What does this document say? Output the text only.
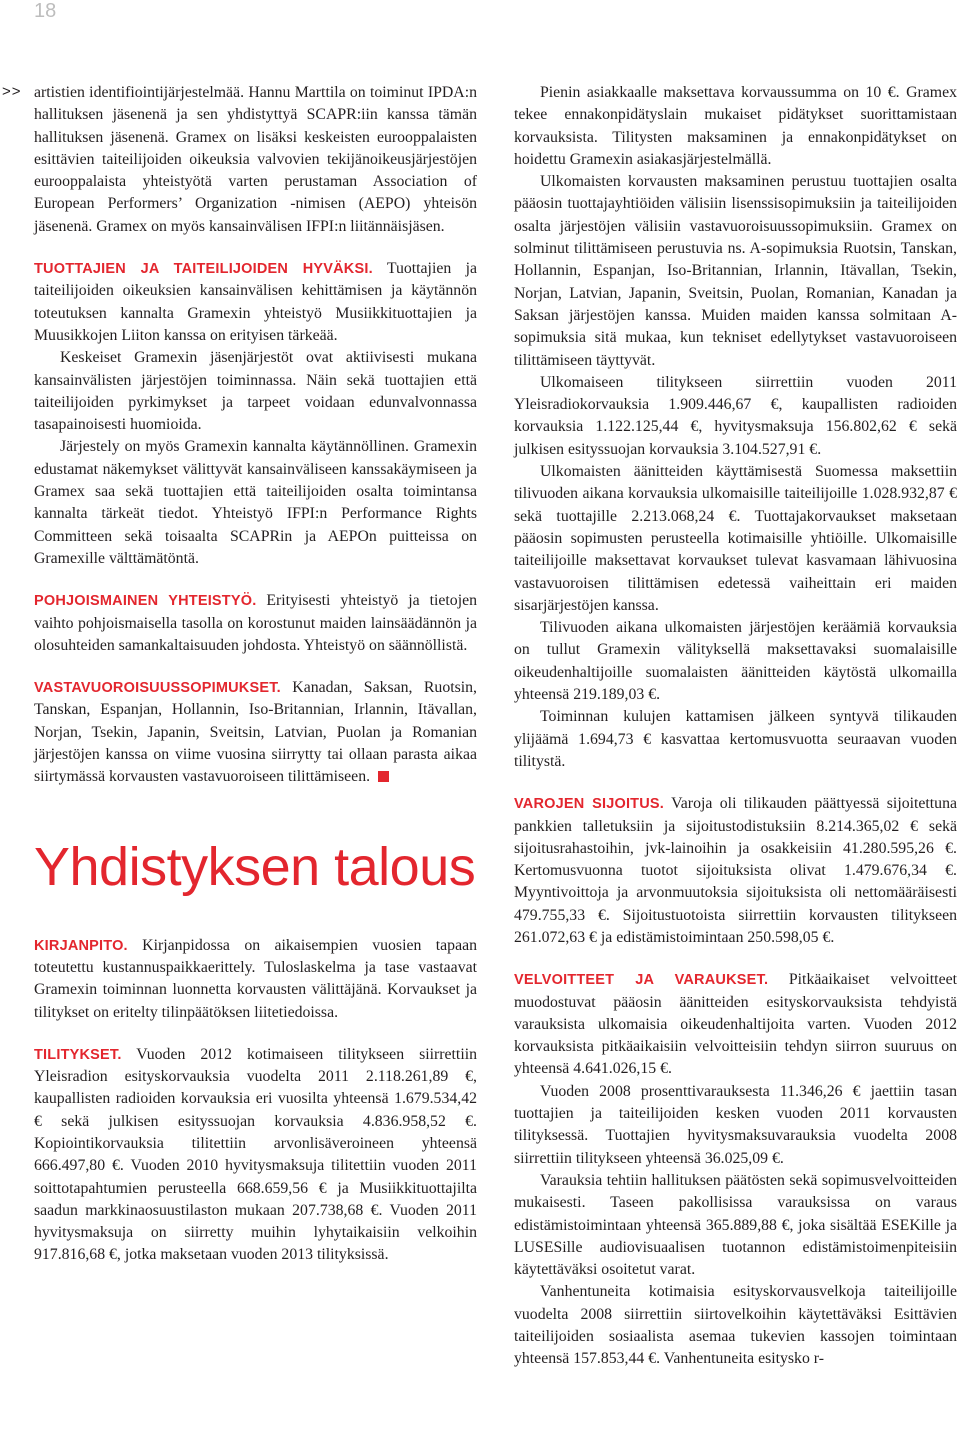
18
>> artistien identifiointijärjestelmää. Hannu Marttila on toiminut IPDA:n hallituksen jäsenenä ja sen yhdistyttyä SCAPR:iin kanssa tämän hallituksen jäsenenä. Gramex on lisäksi keskeisten eurooppalaisten esittävien taiteilijoiden oikeuksia valvovien tekijänoikeusjärjestöjen eurooppalaista yhteistyötä varten perustaman Association of European Performers’ Organization -nimisen (AEPO) yhteisön jäsenenä. Gramex on myös kansainvälisen IFPI:n liitännäisjäsen.

TUOTTAJIEN JA TAITEILIJOIDEN HYVÄKSI. Tuottajien ja taiteilijoiden oikeuksien kansainvälisen kehittämisen ja käytännön toteutuksen kannalta Gramexin yhteistyö Musiikkituottajien ja Muusikkojen Liiton kanssa on erityisen tärkeää.

Keskeiset Gramexin jäsenjärjestöt ovat aktiivisesti mukana kansainvälisten järjestöjen toiminnassa. Näin sekä tuottajien että taiteilijoiden pyrkimykset ja tarpeet voidaan edunvalvonnassa tasapainoisesti huomioida.

Järjestely on myös Gramexin kannalta käytännöllinen. Gramexin edustamat näkemykset välittyvät kansainväliseen kanssakäymiseen ja Gramex saa sekä tuottajien että taiteilijoiden osalta toimintansa kannalta tärkeät tiedot. Yhteistyö IFPI:n Performance Rights Committeen sekä toisaalta SCAPRin ja AEPOn puitteissa on Gramexille välttämätöntä.

POHJOISMAINEN YHTEISTYÖ. Erityisesti yhteistyö ja tietojen vaihto pohjoismaisella tasolla on korostunut maiden lainsäädännön ja olosuhteiden samankaltaisuuden johdosta. Yhteistyö on säännöllistä.

VASTAVUOROISUUSSOPIMUKSET. Kanadan, Saksan, Ruotsin, Tanskan, Espanjan, Hollannin, Iso-Britannian, Irlannin, Itävallan, Norjan, Tsekin, Japanin, Sveitsin, Latvian, Puolan ja Romanian järjestöjen kanssa on viime vuosina siirrytty tai ollaan parasta aikaa siirtymässä korvausten vastavuoroiseen tilittämiseen.

Yhdistyksen talous

KIRJANPITO. Kirjanpidossa on aikaisempien vuosien tapaan toteutettu kustannuspaikkaerittely. Tuloslaskelma ja tase vastaavat Gramexin toiminnan luonnetta korvausten välittäjänä. Korvaukset ja tilitykset on eritelty tilinpäätöksen liitetiedoissa.

TILITYKSET. Vuoden 2012 kotimaiseen tilitykseen siirrettiin Yleisradion esityskorvauksia vuodelta 2011 2.118.261,89 €, kaupallisten radioiden korvauksia eri vuosilta yhteensä 1.679.534,42 € sekä julkisen esityssuojan korvauksia 4.836.958,52 €. Kopiointikorvauksia tilitettiin arvonlisäveroineen yhteensä 666.497,80 €. Vuoden 2010 hyvitysmaksuja tilitettiin vuoden 2011 soittotapahtumien perusteella 668.659,56 € ja Musiikkituottajilta saadun markkinaosuustilaston mukaan 207.738,68 €. Vuoden 2011 hyvitysmaksuja on siirretty muihin lyhytaikaisiin velkoihin 917.816,68 €, jotka maksetaan vuoden 2013 tilityksissä.

Pienin asiakkaalle maksettava korvaussumma on 10 €. Gramex tekee ennakonpidätyslain mukaiset pidätykset suorittamistaan korvauksista. Tilitysten maksaminen ja ennakonpidätykset on hoidettu Gramexin asiakasjärjestelmällä.

Ulkomaisten korvausten maksaminen perustuu tuottajien osalta pääosin tuottajayhtiöiden välisiin lisenssisopimuksiin ja taiteilijoiden osalta järjestöjen välisiin vastavuoroisuussopimuksiin. Gramex on solminut tilittämiseen perustuvia ns. A-sopimuksia Ruotsin, Tanskan, Hollannin, Espanjan, Iso-Britannian, Irlannin, Itävallan, Tsekin, Norjan, Latvian, Japanin, Sveitsin, Puolan, Romanian, Kanadan ja Saksan järjestöjen kanssa. Muiden maiden kanssa solmitaan A-sopimuksia sitä mukaa, kun tekniset edellytykset vastavuoroiseen tilittämiseen täyttyvät.

Ulkomaiseen tilitykseen siirrettiin vuoden 2011 Yleisradiokorvauksia 1.909.446,67 €, kaupallisten radioiden korvauksia 1.122.125,44 €, hyvitysmaksuja 156.802,62 € sekä julkisen esityssuojan korvauksia 3.104.527,91 €.

Ulkomaisten äänitteiden käyttämisestä Suomessa maksettiin tilivuoden aikana korvauksia ulkomaisille taiteilijoille 1.028.932,87 € sekä tuottajille 2.213.068,24 €. Tuottajakorvaukset maksetaan pääosin sopimusten perusteella kotimaisille yhtiöille. Ulkomaisille taiteilijoille maksettavat korvaukset tulevat kasvamaan lähivuosina vastavuoroisen tilittämisen edetessä vaiheittain eri maiden sisarjärjestöjen kanssa.

Tilivuoden aikana ulkomaisten järjestöjen keräämiä korvauksia on tullut Gramexin välityksellä maksettavaksi suomalaisille oikeudenhaltijoille suomalaisten äänitteiden käytöstä ulkomailla yhteensä 219.189,03 €.

Toiminnan kulujen kattamisen jälkeen syntyvä tilikauden ylijäämä 1.694,73 € kasvattaa kertomusvuotta seuraavan vuoden tilitystä.

VAROJEN SIJOITUS. Varoja oli tilikauden päättyessä sijoitettuna pankkien talletuksiin ja sijoitustodistuksiin 8.214.365,02 € sekä sijoitusrahastoihin, jvk-lainoihin ja osakkeisiin 41.280.595,26 €. Kertomusvuonna tuotot sijoituksista olivat 1.479.676,34 €. Myyntivoittoja ja arvonmuutoksia sijoituksista oli nettomääräisesti 479.755,33 €. Sijoitustuotoista siirrettiin korvausten tilitykseen 261.072,63 € ja edistämistoimintaan 250.598,05 €.

VELVOITTEET JA VARAUKSET. Pitkäaikaiset velvoitteet muodostuvat pääosin äänitteiden esityskorvauksista tehdyistä varauksista ulkomaisia oikeudenhaltijoita varten. Vuoden 2012 korvauksista pitkäaikaisiin velvoitteisiin tehdyn siirron suuruus on yhteensä 4.641.026,15 €.

Vuoden 2008 prosenttivarauksesta 11.346,26 € jaettiin tasan tuottajien ja taiteilijoiden kesken vuoden 2011 korvausten tilityksessä. Tuottajien hyvitysmaksuvarauksia vuodelta 2008 siirrettiin tilitykseen yhteensä 36.025,09 €.

Varauksia tehtiin hallituksen päätösten sekä sopimusvelvoitteiden mukaisesti. Taseen pakollisissa varauksissa on varaus edistämistoimintaan yhteensä 365.889,88 €, joka sisältää ESEKille ja LUSESille audiovisuaalisen tuotannon edistämistoimenpiteisiin käytettäväksi osoitetut varat.

Vanhentuneita kotimaisia esityskorvausvelkoja taiteilijoille vuodelta 2008 siirrettiin siirtovelkoihin käytettäväksi Esittävien taiteilijoiden sosiaalista asemaa tukevien kassojen toimintaan yhteensä 157.853,44 €. Vanhentuneita esitysko r-
